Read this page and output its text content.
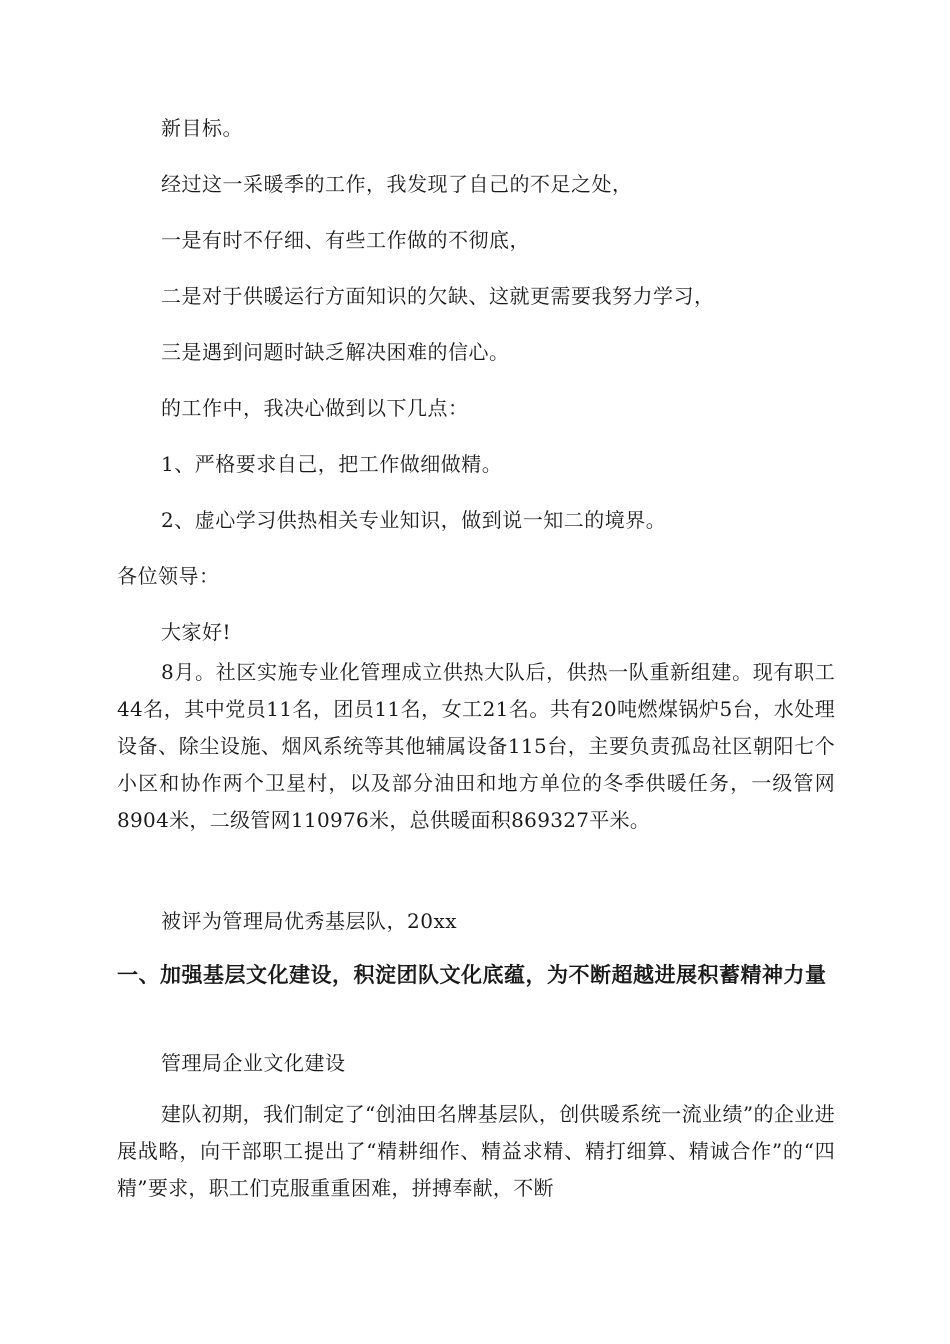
新目标。
经过这一采暖季的工作，我发现了自己的不足之处，
一是有时不仔细、有些工作做的不彻底，
二是对于供暖运行方面知识的欠缺、这就更需要我努力学习，
三是遇到问题时缺乏解决困难的信心。
的工作中，我决心做到以下几点：
1、严格要求自己，把工作做细做精。
2、虚心学习供热相关专业知识，做到说一知二的境界。
各位领导：
大家好!
8月。社区实施专业化管理成立供热大队后，供热一队重新组建。现有职工44名，其中党员11名，团员11名，女工21名。共有20吨燃煤锅炉5台，水处理设备、除尘设施、烟风系统等其他辅属设备115台，主要负责孤岛社区朝阳七个小区和协作两个卫星村，以及部分油田和地方单位的冬季供暖任务，一级管网8904米，二级管网110976米，总供暖面积869327平米。
被评为管理局优秀基层队，20xx
一、加强基层文化建设，积淀团队文化底蕴，为不断超越进展积蓄精神力量
管理局企业文化建设
建队初期，我们制定了“创油田名牌基层队，创供暖系统一流业绩”的企业进展战略，向干部职工提出了“精耕细作、精益求精、精打细算、精诚合作”的“四精”要求，职工们克服重重困难，拼搏奉献，不断
